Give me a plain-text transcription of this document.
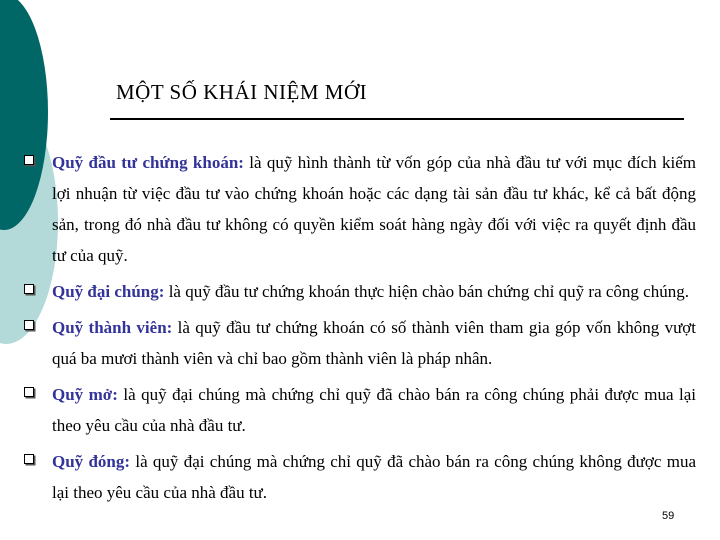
MỘT SỐ KHÁI NIỆM MỚI
Quỹ đầu tư chứng khoán: là quỹ hình thành từ vốn góp của nhà đầu tư với mục đích kiếm lợi nhuận từ việc đầu tư vào chứng khoán hoặc các dạng tài sản đầu tư khác, kể cả bất động sản, trong đó nhà đầu tư không có quyền kiểm soát hàng ngày đối với việc ra quyết định đầu tư của quỹ.
Quỹ đại chúng: là quỹ đầu tư chứng khoán thực hiện chào bán chứng chỉ quỹ ra công chúng.
Quỹ thành viên: là quỹ đầu tư chứng khoán có số thành viên tham gia góp vốn không vượt quá ba mươi thành viên và chỉ bao gồm thành viên là pháp nhân.
Quỹ mở: là quỹ đại chúng mà chứng chỉ quỹ đã chào bán ra công chúng phải được mua lại theo yêu cầu của nhà đầu tư.
Quỹ đóng: là quỹ đại chúng mà chứng chỉ quỹ đã chào bán ra công chúng không được mua lại theo yêu cầu của nhà đầu tư.
59
